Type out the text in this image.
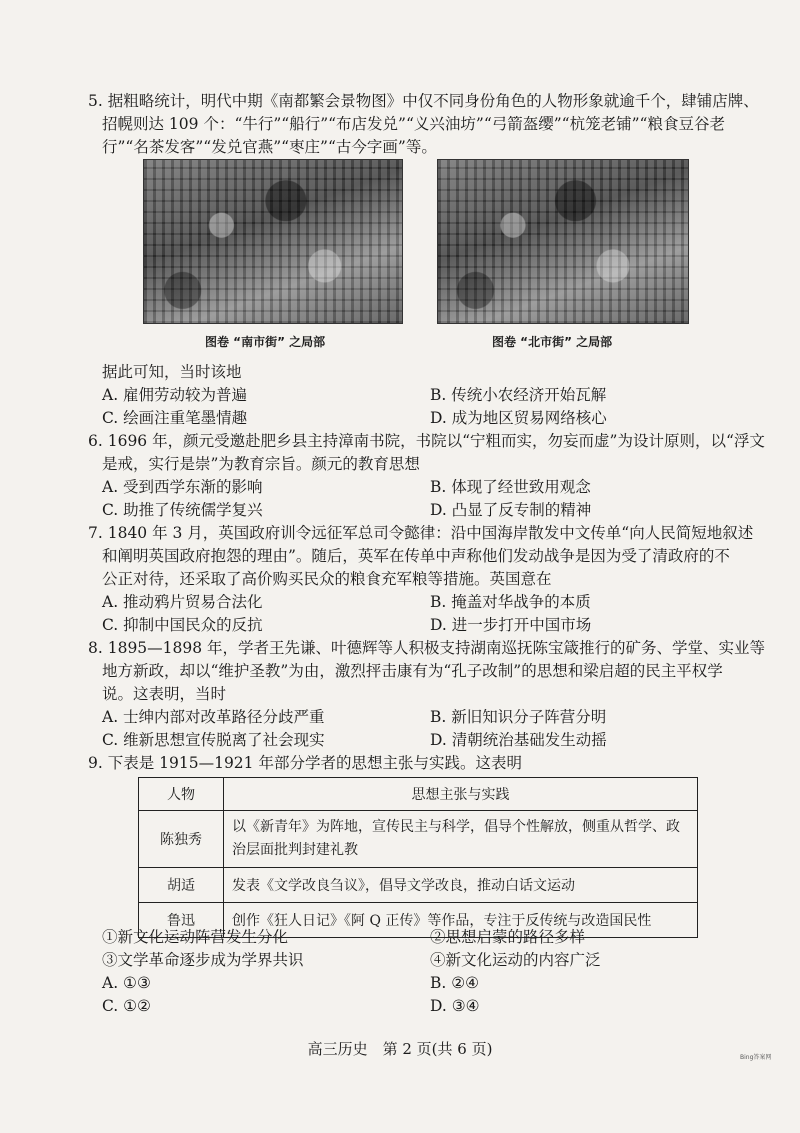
5. 据粗略统计，明代中期《南都繁会景物图》中仅不同身份角色的人物形象就逾千个，肆铺店牌、
招幌则达 109 个：“牛行”“船行”“布店发兑”“义兴油坊”“弓箭盔缨”“杭笼老铺”“粮食豆谷老
行”“名茶发客”“发兑官燕”“枣庄”“古今字画”等。
图卷 “南市街” 之局部	图卷 “北市街” 之局部
据此可知，当时该地
A. 雇佣劳动较为普遍	B. 传统小农经济开始瓦解
C. 绘画注重笔墨情趣	D. 成为地区贸易网络核心
6. 1696 年，颜元受邀赴肥乡县主持漳南书院，书院以“宁粗而实，勿妄而虚”为设计原则，以“浮文
是戒，实行是崇”为教育宗旨。颜元的教育思想
A. 受到西学东渐的影响	B. 体现了经世致用观念
C. 助推了传统儒学复兴	D. 凸显了反专制的精神
7. 1840 年 3 月，英国政府训令远征军总司令懿律：沿中国海岸散发中文传单“向人民简短地叙述
和阐明英国政府抱怨的理由”。随后，英军在传单中声称他们发动战争是因为受了清政府的不
公正对待，还采取了高价购买民众的粮食充军粮等措施。英国意在
A. 推动鸦片贸易合法化	B. 掩盖对华战争的本质
C. 抑制中国民众的反抗	D. 进一步打开中国市场
8. 1895—1898 年，学者王先谦、叶德辉等人积极支持湖南巡抚陈宝箴推行的矿务、学堂、实业等
地方新政，却以“维护圣教”为由，激烈抨击康有为“孔子改制”的思想和梁启超的民主平权学
说。这表明，当时
A. 士绅内部对改革路径分歧严重	B. 新旧知识分子阵营分明
C. 维新思想宣传脱离了社会现实	D. 清朝统治基础发生动摇
9. 下表是 1915—1921 年部分学者的思想主张与实践。这表明
人物	思想主张与实践
陈独秀	以《新青年》为阵地，宣传民主与科学，倡导个性解放，侧重从哲学、政治层面批判封建礼教
胡适	发表《文学改良刍议》，倡导文学改良，推动白话文运动
鲁迅	创作《狂人日记》《阿 Q 正传》等作品，专注于反传统与改造国民性
①新文化运动阵营发生分化	②思想启蒙的路径多样
③文学革命逐步成为学界共识	④新文化运动的内容广泛
A. ①③	B. ②④
C. ①②	D. ③④
高三历史　第 2 页(共 6 页)	Bing答案网
